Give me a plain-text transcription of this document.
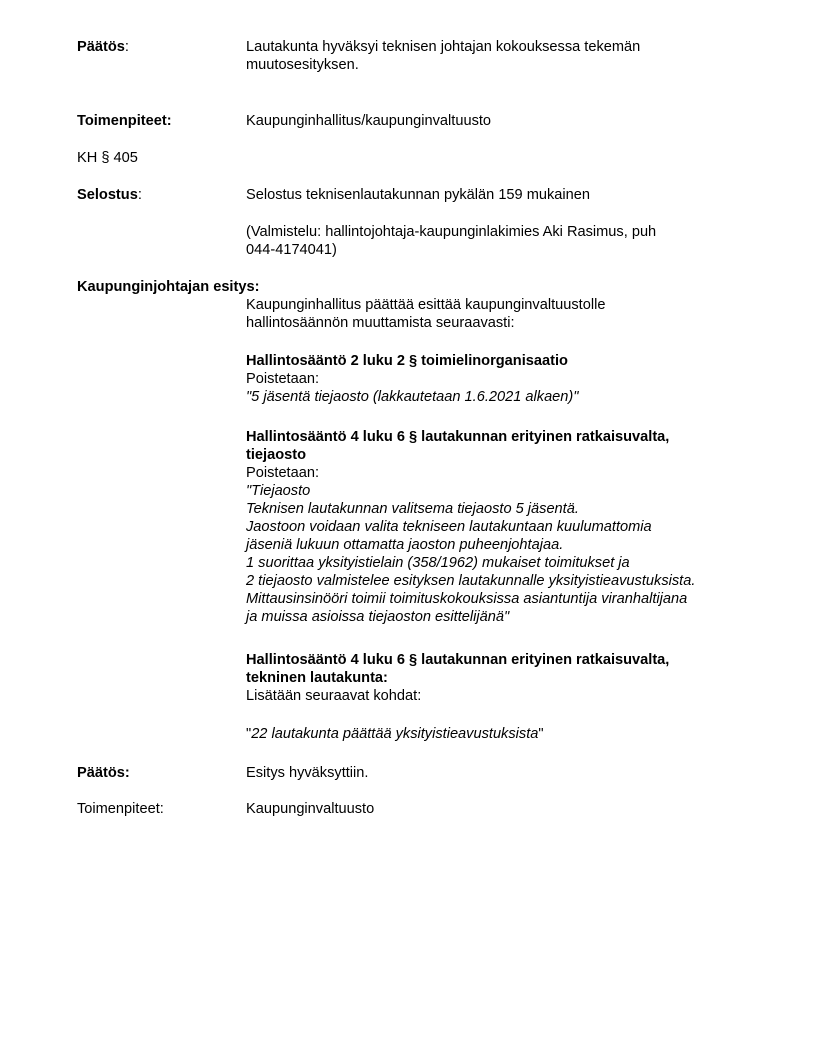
Päätös:	Lautakunta hyväksyi teknisen johtajan kokouksessa tekemän
muutosesityksen.
Toimenpiteet:	Kaupunginhallitus/kaupunginvaltuusto
KH § 405
Selostus:	Selostus teknisenlautakunnan pykälän 159 mukainen
(Valmistelu: hallintojohtaja-kaupunginlakimies Aki Rasimus, puh
044-4174041)
Kaupunginjohtajan esitys:
Kaupunginhallitus päättää esittää kaupunginvaltuustolle
hallintosäännön muuttamista seuraavasti:
Hallintosääntö 2 luku 2 § toimielinorganisaatio
Poistetaan:
"5 jäsentä tiejaosto (lakkautetaan 1.6.2021 alkaen)"
Hallintosääntö 4 luku 6 § lautakunnan erityinen ratkaisuvalta,
tiejaosto
Poistetaan:
"Tiejaosto
Teknisen lautakunnan valitsema tiejaosto 5 jäsentä.
Jaostoon voidaan valita tekniseen lautakuntaan kuulumattomia
jäseniä lukuun ottamatta jaoston puheenjohtajaa.
1 suorittaa yksityistielain (358/1962) mukaiset toimitukset ja
2 tiejaosto valmistelee esityksen lautakunnalle yksityistieavustuksista.
Mittausinsinööri toimii toimituskokouksissa asiantuntija viranhaltijana
ja muissa asioissa tiejaoston esittelijänä"
Hallintosääntö 4 luku 6 § lautakunnan erityinen ratkaisuvalta,
tekninen lautakunta:
Lisätään seuraavat kohdat:
"22 lautakunta päättää yksityistieavustuksista"
Päätös:	Esitys hyväksyttiin.
Toimenpiteet:	Kaupunginvaltuusto
